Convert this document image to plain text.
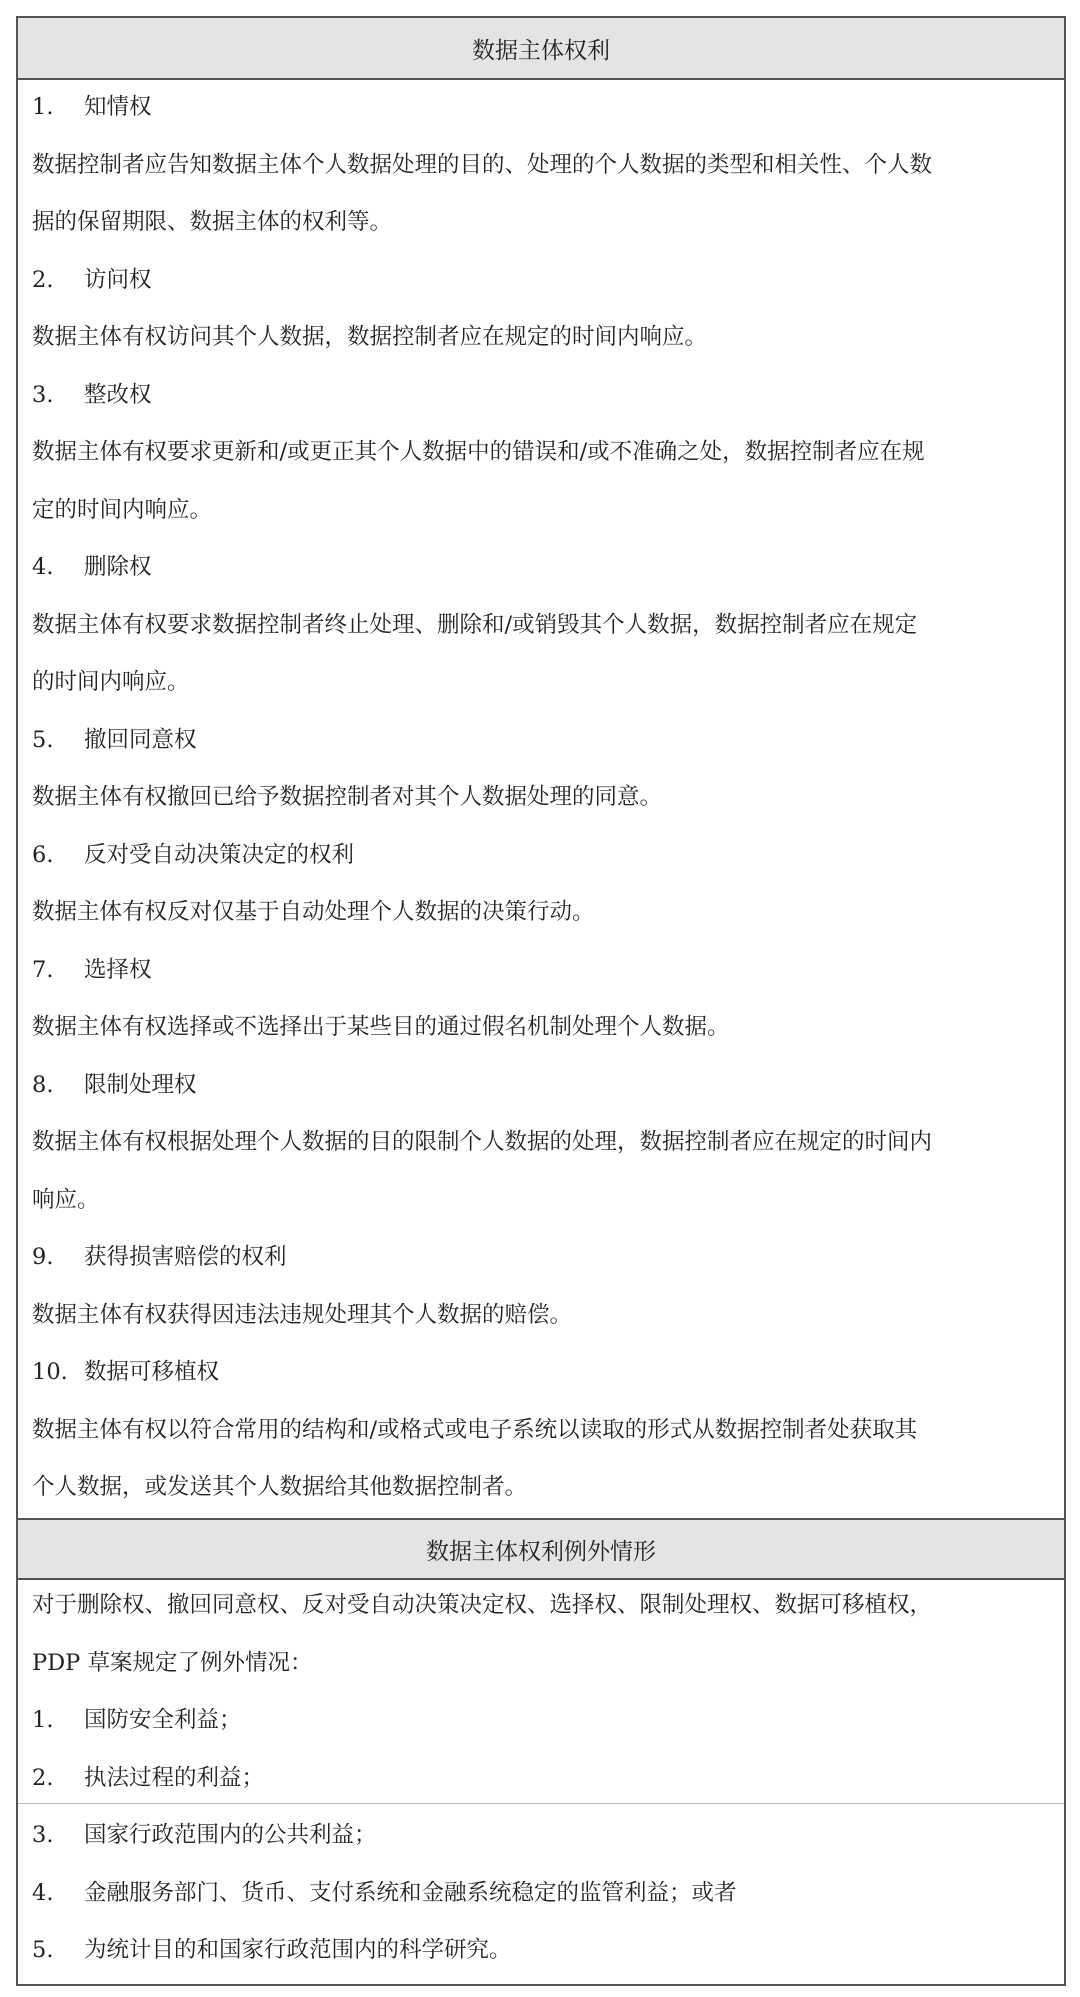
数据主体权利
1. 知情权
数据控制者应告知数据主体个人数据处理的目的、处理的个人数据的类型和相关性、个人数
据的保留期限、数据主体的权利等。
2. 访问权
数据主体有权访问其个人数据，数据控制者应在规定的时间内响应。
3. 整改权
数据主体有权要求更新和/或更正其个人数据中的错误和/或不准确之处，数据控制者应在规
定的时间内响应。
4. 删除权
数据主体有权要求数据控制者终止处理、删除和/或销毁其个人数据，数据控制者应在规定
的时间内响应。
5. 撤回同意权
数据主体有权撤回已给予数据控制者对其个人数据处理的同意。
6. 反对受自动决策决定的权利
数据主体有权反对仅基于自动处理个人数据的决策行动。
7. 选择权
数据主体有权选择或不选择出于某些目的通过假名机制处理个人数据。
8. 限制处理权
数据主体有权根据处理个人数据的目的限制个人数据的处理，数据控制者应在规定的时间内
响应。
9. 获得损害赔偿的权利
数据主体有权获得因违法违规处理其个人数据的赔偿。
10. 数据可移植权
数据主体有权以符合常用的结构和/或格式或电子系统以读取的形式从数据控制者处获取其
个人数据，或发送其个人数据给其他数据控制者。
数据主体权利例外情形
对于删除权、撤回同意权、反对受自动决策决定权、选择权、限制处理权、数据可移植权，
PDP 草案规定了例外情况：
1. 国防安全利益；
2. 执法过程的利益；
3. 国家行政范围内的公共利益；
4. 金融服务部门、货币、支付系统和金融系统稳定的监管利益；或者
5. 为统计目的和国家行政范围内的科学研究。
